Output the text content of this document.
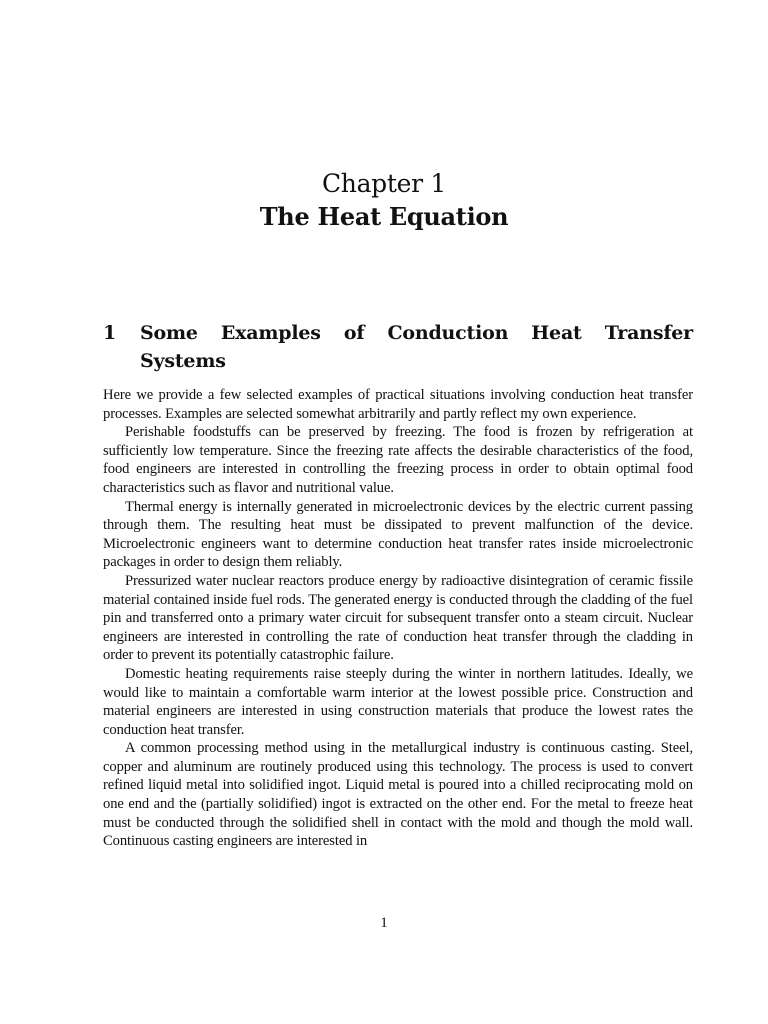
Chapter 1
The Heat Equation
1 Some Examples of Conduction Heat Transfer Systems

Here we provide a few selected examples of practical situations involving conduction heat transfer processes. Examples are selected somewhat arbitrarily and partly reflect my own experience.

Perishable foodstuffs can be preserved by freezing. The food is frozen by refrigeration at sufficiently low temperature. Since the freezing rate affects the desirable characteristics of the food, food engineers are interested in controlling the freezing process in order to obtain optimal food characteristics such as flavor and nutritional value.

Thermal energy is internally generated in microelectronic devices by the electric current passing through them. The resulting heat must be dissipated to prevent malfunction of the device. Microelectronic engineers want to determine conduction heat transfer rates inside microelectronic packages in order to design them reliably.

Pressurized water nuclear reactors produce energy by radioactive disintegration of ceramic fissile material contained inside fuel rods. The generated energy is conducted through the cladding of the fuel pin and transferred onto a primary water circuit for subsequent transfer onto a steam circuit. Nuclear engineers are interested in controlling the rate of conduction heat transfer through the cladding in order to prevent its potentially catastrophic failure.

Domestic heating requirements raise steeply during the winter in northern latitudes. Ideally, we would like to maintain a comfortable warm interior at the lowest possible price. Construction and material engineers are interested in using construction materials that produce the lowest rates the conduction heat transfer.

A common processing method using in the metallurgical industry is continuous casting. Steel, copper and aluminum are routinely produced using this technology. The process is used to convert refined liquid metal into solidified ingot. Liquid metal is poured into a chilled reciprocating mold on one end and the (partially solidified) ingot is extracted on the other end. For the metal to freeze heat must be conducted through the solidified shell in contact with the mold and though the mold wall. Continuous casting engineers are interested in

1
